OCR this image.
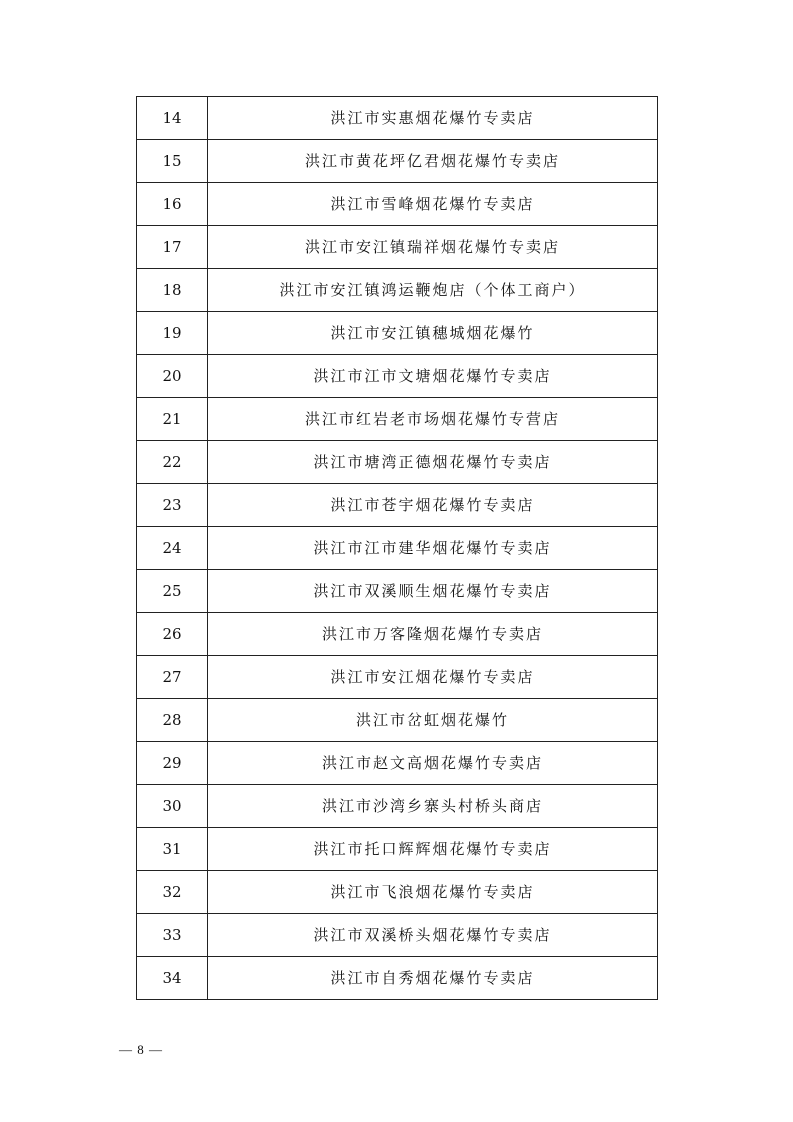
14	洪江市实惠烟花爆竹专卖店
15	洪江市黄花坪亿君烟花爆竹专卖店
16	洪江市雪峰烟花爆竹专卖店
17	洪江市安江镇瑞祥烟花爆竹专卖店
18	洪江市安江镇鸿运鞭炮店（个体工商户）
19	洪江市安江镇穗城烟花爆竹
20	洪江市江市文塘烟花爆竹专卖店
21	洪江市红岩老市场烟花爆竹专营店
22	洪江市塘湾正德烟花爆竹专卖店
23	洪江市苍宇烟花爆竹专卖店
24	洪江市江市建华烟花爆竹专卖店
25	洪江市双溪顺生烟花爆竹专卖店
26	洪江市万客隆烟花爆竹专卖店
27	洪江市安江烟花爆竹专卖店
28	洪江市岔虹烟花爆竹
29	洪江市赵文高烟花爆竹专卖店
30	洪江市沙湾乡寨头村桥头商店
31	洪江市托口辉辉烟花爆竹专卖店
32	洪江市飞浪烟花爆竹专卖店
33	洪江市双溪桥头烟花爆竹专卖店
34	洪江市自秀烟花爆竹专卖店
— 8 —
